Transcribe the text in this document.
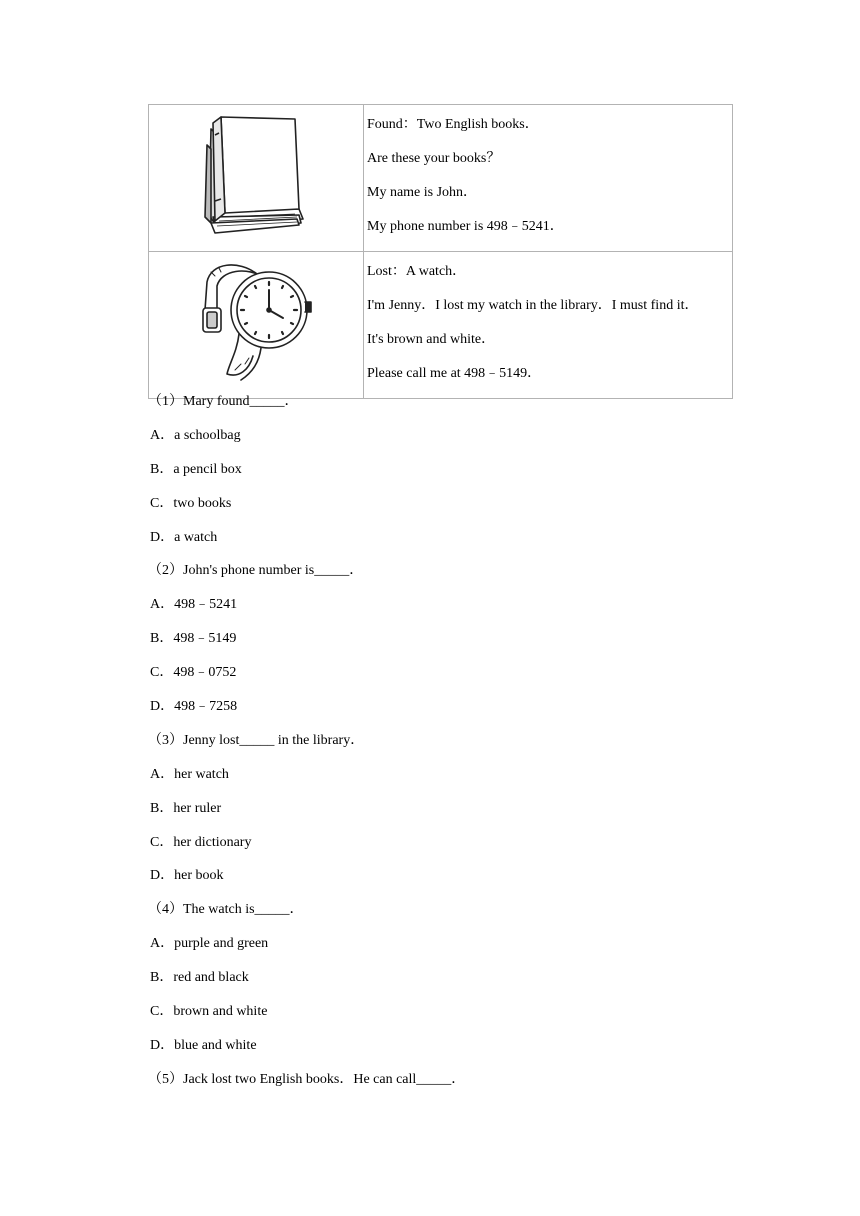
Found：Two English books．

Are these your books？

My name is John．

My phone number is 498﹣5241．

Lost：A watch．

I'm Jenny．I lost my watch in the library．I must find it．

It's brown and white．

Please call me at 498﹣5149．

（1）Mary found_____．
A．a schoolbag
B．a pencil box
C．two books
D．a watch
（2）John's phone number is_____．
A．498﹣5241
B．498﹣5149
C．498﹣0752
D．498﹣7258
（3）Jenny lost_____ in the library．
A．her watch
B．her ruler
C．her dictionary
D．her book
（4）The watch is_____．
A．purple and green
B．red and black
C．brown and white
D．blue and white
（5）Jack lost two English books．He can call_____．
